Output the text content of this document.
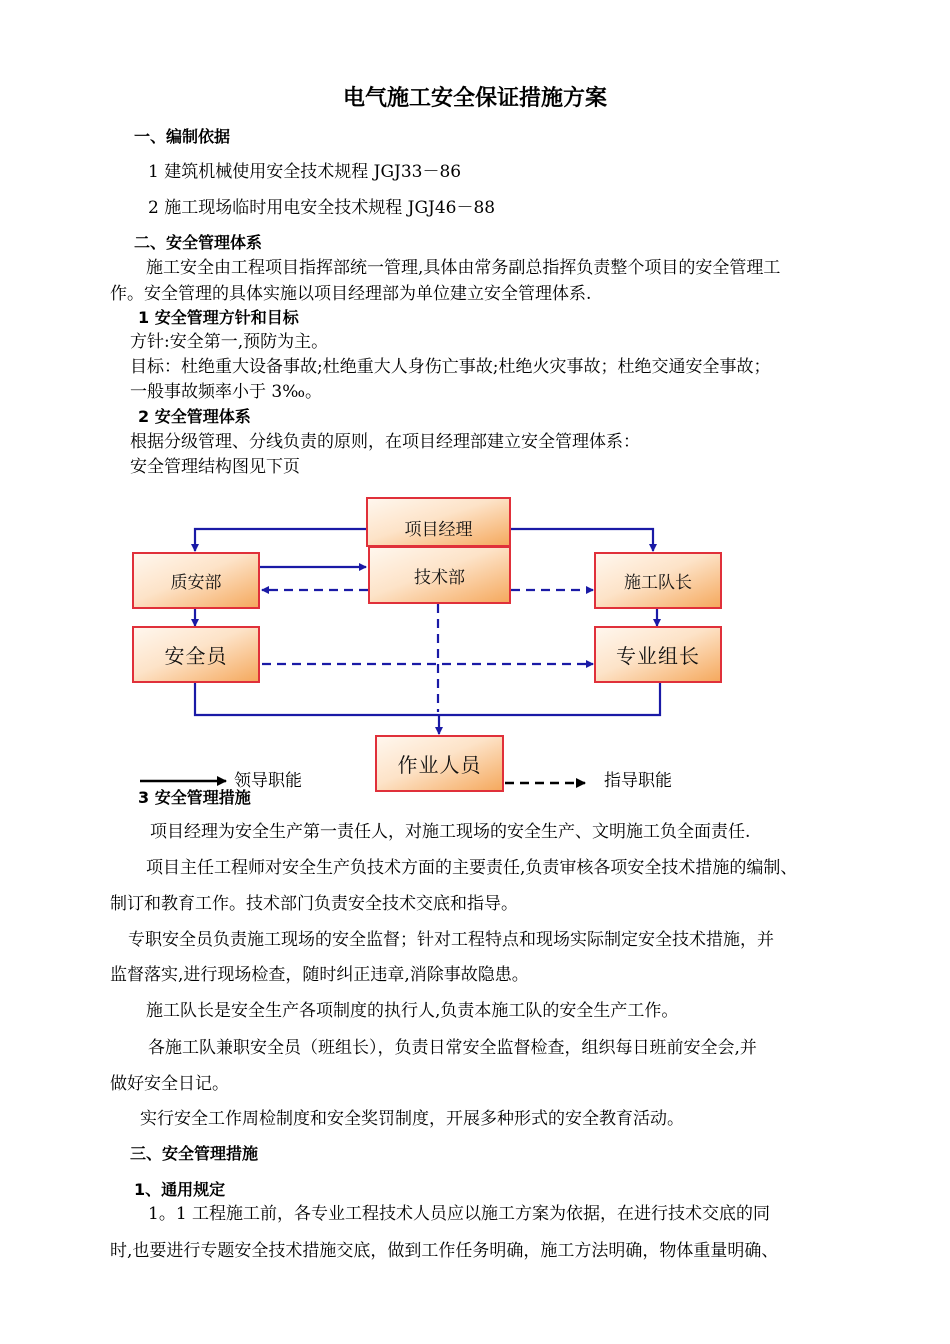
电气施工安全保证措施方案
一、编制依据
1 建筑机械使用安全技术规程 JGJ33－86
2 施工现场临时用电安全技术规程 JGJ46－88
二、安全管理体系
施工安全由工程项目指挥部统一管理,具体由常务副总指挥负责整个项目的安全管理工
作。安全管理的具体实施以项目经理部为单位建立安全管理体系.
1 安全管理方针和目标
方针:安全第一,预防为主。
目标：杜绝重大设备事故;杜绝重大人身伤亡事故;杜绝火灾事故；杜绝交通安全事故；
一般事故频率小于 3‰。
2 安全管理体系
根据分级管理、分线负责的原则，在项目经理部建立安全管理体系：
安全管理结构图见下页
项目经理
技术部
质安部	施工队长
安全员	专业组长
作业人员
领导职能	指导职能
3 安全管理措施
项目经理为安全生产第一责任人，对施工现场的安全生产、文明施工负全面责任.
项目主任工程师对安全生产负技术方面的主要责任,负责审核各项安全技术措施的编制、
制订和教育工作。技术部门负责安全技术交底和指导。
专职安全员负责施工现场的安全监督；针对工程特点和现场实际制定安全技术措施，并
监督落实,进行现场检查，随时纠正违章,消除事故隐患。
施工队长是安全生产各项制度的执行人,负责本施工队的安全生产工作。
各施工队兼职安全员（班组长），负责日常安全监督检查，组织每日班前安全会,并
做好安全日记。
实行安全工作周检制度和安全奖罚制度，开展多种形式的安全教育活动。
三、安全管理措施
1、通用规定
1。1 工程施工前，各专业工程技术人员应以施工方案为依据，在进行技术交底的同
时,也要进行专题安全技术措施交底，做到工作任务明确，施工方法明确，物体重量明确、
